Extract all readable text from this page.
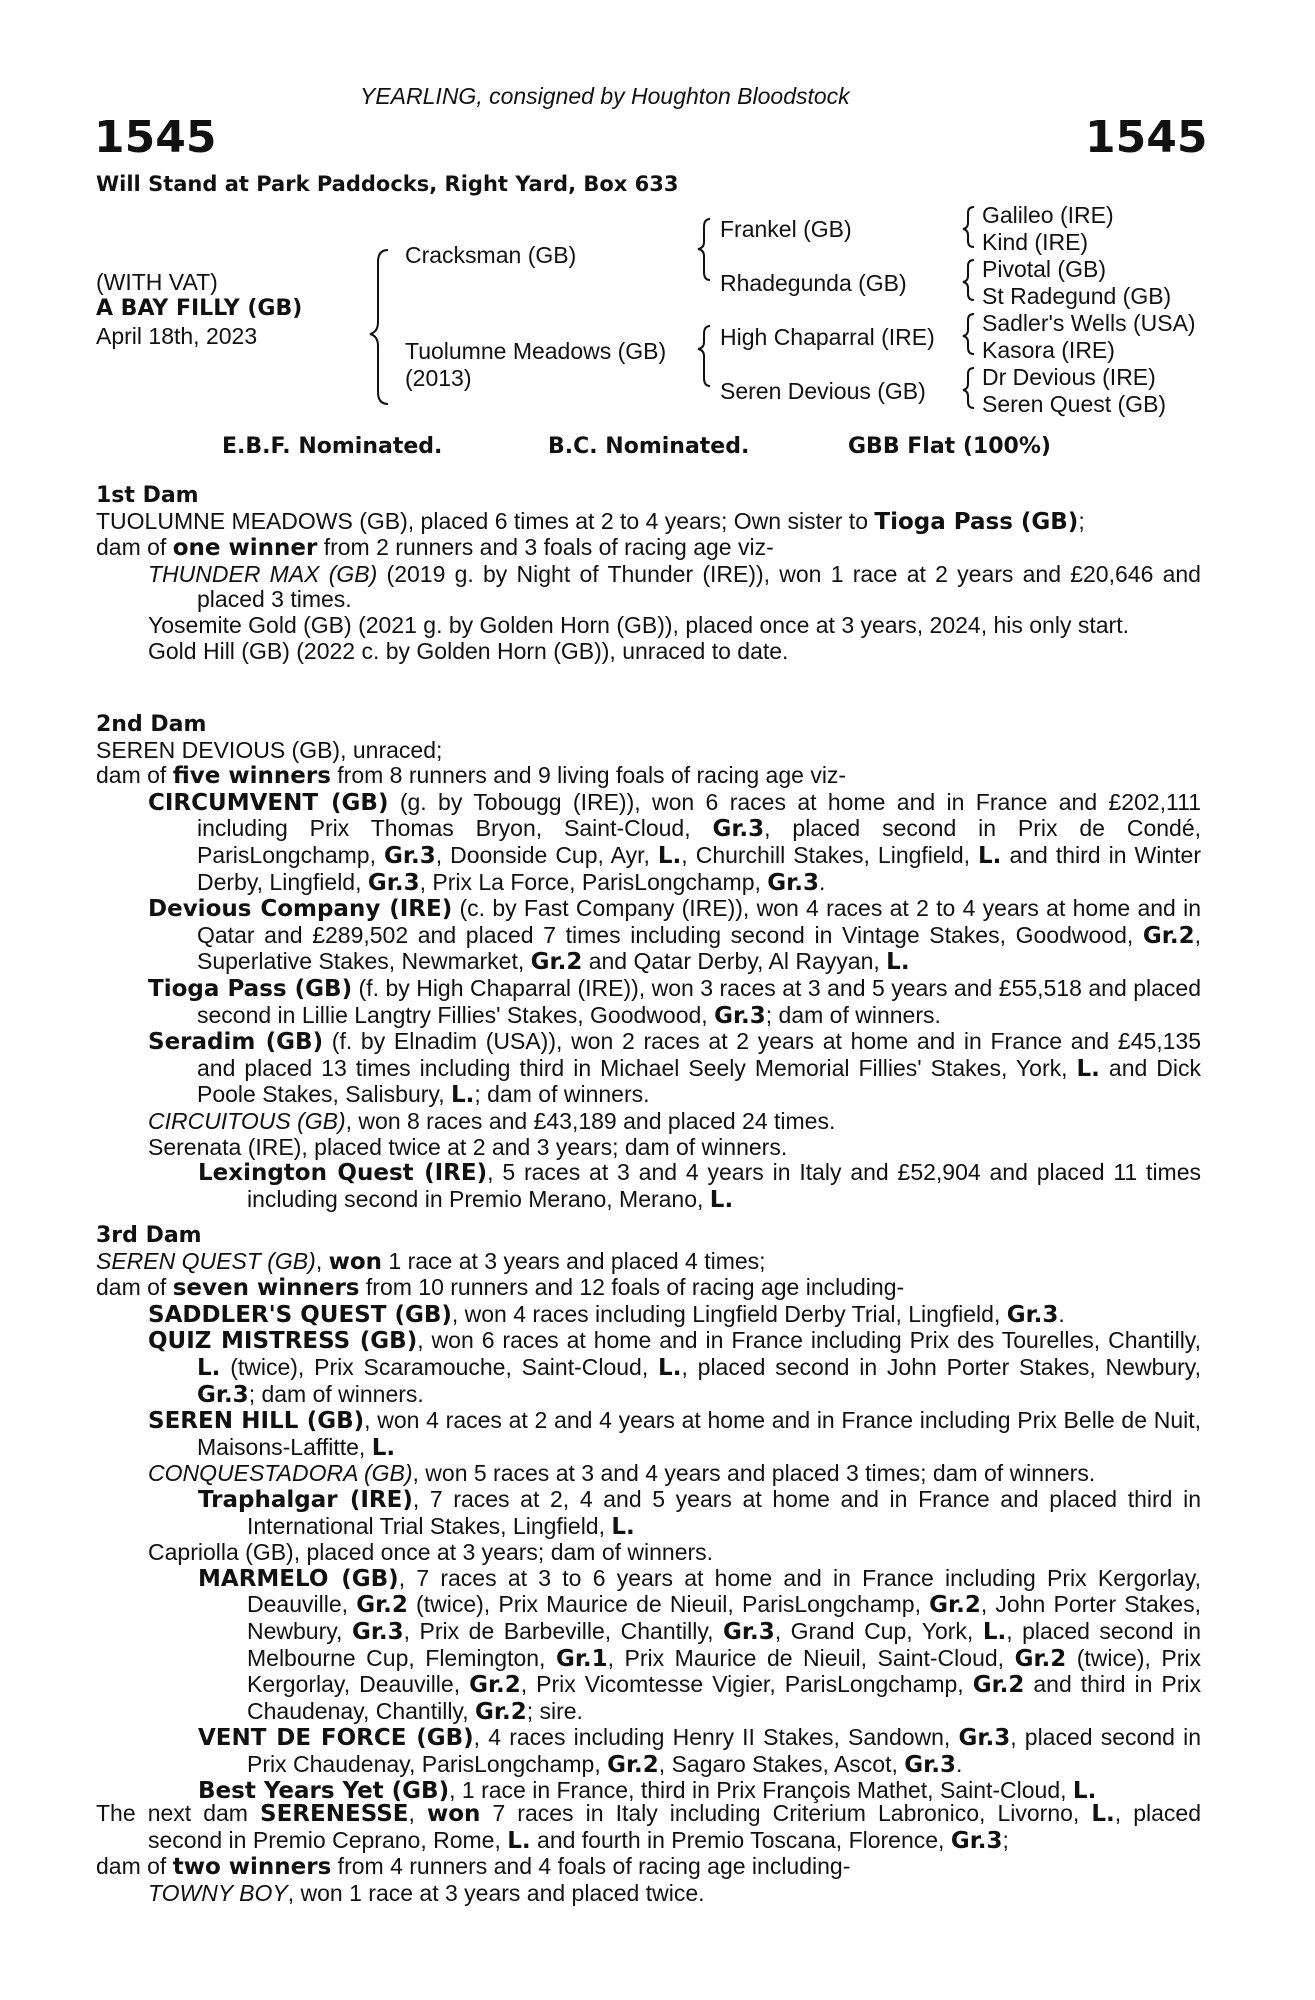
YEARLING, consigned by Houghton Bloodstock
1545	1545
Will Stand at Park Paddocks, Right Yard, Box 633
(WITH VAT)
A BAY FILLY (GB)
April 18th, 2023
Cracksman (GB)
Tuolumne Meadows (GB)
(2013)
Frankel (GB)
Rhadegunda (GB)
High Chaparral (IRE)
Seren Devious (GB)
Galileo (IRE)
Kind (IRE)
Pivotal (GB)
St Radegund (GB)
Sadler's Wells (USA)
Kasora (IRE)
Dr Devious (IRE)
Seren Quest (GB)
E.B.F. Nominated.	B.C. Nominated.	GBB Flat (100%)
1st Dam
TUOLUMNE MEADOWS (GB), placed 6 times at 2 to 4 years; Own sister to Tioga Pass (GB);
dam of one winner from 2 runners and 3 foals of racing age viz-
THUNDER MAX (GB) (2019 g. by Night of Thunder (IRE)), won 1 race at 2 years and £20,646 and placed 3 times.
Yosemite Gold (GB) (2021 g. by Golden Horn (GB)), placed once at 3 years, 2024, his only start.
Gold Hill (GB) (2022 c. by Golden Horn (GB)), unraced to date.
2nd Dam
SEREN DEVIOUS (GB), unraced;
dam of five winners from 8 runners and 9 living foals of racing age viz-
CIRCUMVENT (GB) (g. by Tobougg (IRE)), won 6 races at home and in France and £202,111 including Prix Thomas Bryon, Saint-Cloud, Gr.3, placed second in Prix de Condé, ParisLongchamp, Gr.3, Doonside Cup, Ayr, L., Churchill Stakes, Lingfield, L. and third in Winter Derby, Lingfield, Gr.3, Prix La Force, ParisLongchamp, Gr.3.
Devious Company (IRE) (c. by Fast Company (IRE)), won 4 races at 2 to 4 years at home and in Qatar and £289,502 and placed 7 times including second in Vintage Stakes, Goodwood, Gr.2, Superlative Stakes, Newmarket, Gr.2 and Qatar Derby, Al Rayyan, L.
Tioga Pass (GB) (f. by High Chaparral (IRE)), won 3 races at 3 and 5 years and £55,518 and placed second in Lillie Langtry Fillies' Stakes, Goodwood, Gr.3; dam of winners.
Seradim (GB) (f. by Elnadim (USA)), won 2 races at 2 years at home and in France and £45,135 and placed 13 times including third in Michael Seely Memorial Fillies' Stakes, York, L. and Dick Poole Stakes, Salisbury, L.; dam of winners.
CIRCUITOUS (GB), won 8 races and £43,189 and placed 24 times.
Serenata (IRE), placed twice at 2 and 3 years; dam of winners.
Lexington Quest (IRE), 5 races at 3 and 4 years in Italy and £52,904 and placed 11 times including second in Premio Merano, Merano, L.
3rd Dam
SEREN QUEST (GB), won 1 race at 3 years and placed 4 times;
dam of seven winners from 10 runners and 12 foals of racing age including-
SADDLER'S QUEST (GB), won 4 races including Lingfield Derby Trial, Lingfield, Gr.3.
QUIZ MISTRESS (GB), won 6 races at home and in France including Prix des Tourelles, Chantilly, L. (twice), Prix Scaramouche, Saint-Cloud, L., placed second in John Porter Stakes, Newbury, Gr.3; dam of winners.
SEREN HILL (GB), won 4 races at 2 and 4 years at home and in France including Prix Belle de Nuit, Maisons-Laffitte, L.
CONQUESTADORA (GB), won 5 races at 3 and 4 years and placed 3 times; dam of winners.
Traphalgar (IRE), 7 races at 2, 4 and 5 years at home and in France and placed third in International Trial Stakes, Lingfield, L.
Capriolla (GB), placed once at 3 years; dam of winners.
MARMELO (GB), 7 races at 3 to 6 years at home and in France including Prix Kergorlay, Deauville, Gr.2 (twice), Prix Maurice de Nieuil, ParisLongchamp, Gr.2, John Porter Stakes, Newbury, Gr.3, Prix de Barbeville, Chantilly, Gr.3, Grand Cup, York, L., placed second in Melbourne Cup, Flemington, Gr.1, Prix Maurice de Nieuil, Saint-Cloud, Gr.2 (twice), Prix Kergorlay, Deauville, Gr.2, Prix Vicomtesse Vigier, ParisLongchamp, Gr.2 and third in Prix Chaudenay, Chantilly, Gr.2; sire.
VENT DE FORCE (GB), 4 races including Henry II Stakes, Sandown, Gr.3, placed second in Prix Chaudenay, ParisLongchamp, Gr.2, Sagaro Stakes, Ascot, Gr.3.
Best Years Yet (GB), 1 race in France, third in Prix François Mathet, Saint-Cloud, L.
The next dam SERENESSE, won 7 races in Italy including Criterium Labronico, Livorno, L., placed second in Premio Ceprano, Rome, L. and fourth in Premio Toscana, Florence, Gr.3;
dam of two winners from 4 runners and 4 foals of racing age including-
TOWNY BOY, won 1 race at 3 years and placed twice.
